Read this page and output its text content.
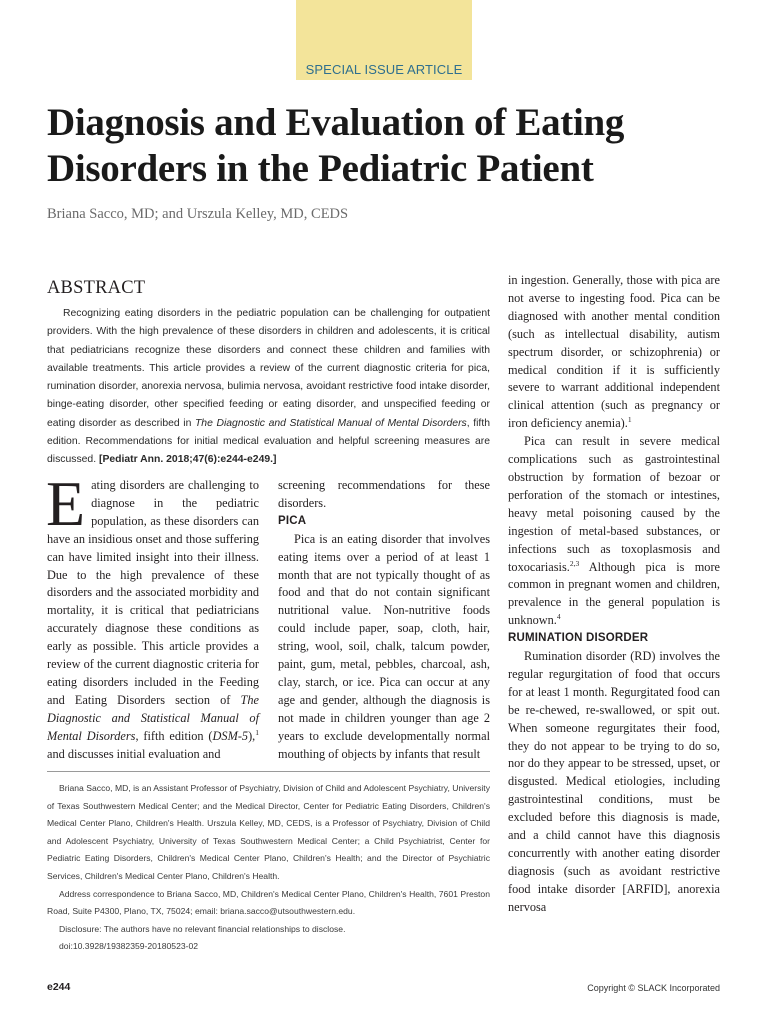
SPECIAL ISSUE ARTICLE
Diagnosis and Evaluation of Eating Disorders in the Pediatric Patient
Briana Sacco, MD; and Urszula Kelley, MD, CEDS
ABSTRACT

Recognizing eating disorders in the pediatric population can be challenging for outpatient providers. With the high prevalence of these disorders in children and adolescents, it is critical that pediatricians recognize these disorders and connect these children and families with available treatments. This article provides a review of the current diagnostic criteria for pica, rumination disorder, anorexia nervosa, bulimia nervosa, avoidant restrictive food intake disorder, binge-eating disorder, other specified feeding or eating disorder, and unspecified feeding or eating disorder as described in The Diagnostic and Statistical Manual of Mental Disorders, fifth edition. Recommendations for initial medical evaluation and helpful screening measures are discussed. [Pediatr Ann. 2018;47(6):e244-e249.]

Eating disorders are challenging to diagnose in the pediatric population, as these disorders can have an insidious onset and those suffering can have limited insight into their illness. Due to the high prevalence of these disorders and the associated morbidity and mortality, it is critical that pediatricians accurately diagnose these conditions as early as possible. This article provides a review of the current diagnostic criteria for eating disorders included in the Feeding and Eating Disorders section of The Diagnostic and Statistical Manual of Mental Disorders, fifth edition (DSM-5),$^1$ and discusses initial evaluation and

screening recommendations for these disorders.

PICA

Pica is an eating disorder that involves eating items over a period of at least 1 month that are not typically thought of as food and that do not contain significant nutritional value. Non-nutritive foods could include paper, soap, cloth, hair, string, wool, soil, chalk, talcum powder, paint, gum, metal, pebbles, charcoal, ash, clay, starch, or ice. Pica can occur at any age and gender, although the diagnosis is not made in children younger than age 2 years to exclude developmentally normal mouthing of objects by infants that result

in ingestion. Generally, those with pica are not averse to ingesting food. Pica can be diagnosed with another mental condition (such as intellectual disability, autism spectrum disorder, or schizophrenia) or medical condition if it is sufficiently severe to warrant additional independent clinical attention (such as pregnancy or iron deficiency anemia).$^1$

Pica can result in severe medical complications such as gastrointestinal obstruction by formation of bezoar or perforation of the stomach or intestines, heavy metal poisoning caused by the ingestion of metal-based substances, or infections such as toxoplasmosis and toxocariasis.$^{2,3}$ Although pica is more common in pregnant women and children, prevalence in the general population is unknown.$^4$

RUMINATION DISORDER

Rumination disorder (RD) involves the regular regurgitation of food that occurs for at least 1 month. Regurgitated food can be re-chewed, re-swallowed, or spit out. When someone regurgitates their food, they do not appear to be trying to do so, nor do they appear to be stressed, upset, or disgusted. Medical etiologies, including gastrointestinal conditions, must be excluded before this diagnosis is made, and a child cannot have this diagnosis concurrently with another eating disorder diagnosis (such as avoidant restrictive food intake disorder [ARFID], anorexia nervosa

Briana Sacco, MD, is an Assistant Professor of Psychiatry, Division of Child and Adolescent Psychiatry, University of Texas Southwestern Medical Center; and the Medical Director, Center for Pediatric Eating Disorders, Children's Medical Center Plano, Children's Health. Urszula Kelley, MD, CEDS, is a Professor of Psychiatry, Division of Child and Adolescent Psychiatry, University of Texas Southwestern Medical Center; a Child Psychiatrist, Center for Pediatric Eating Disorders, Children's Medical Center Plano, Children's Health; and the Director of Psychiatric Services, Children's Medical Center Plano, Children's Health.

Address correspondence to Briana Sacco, MD, Children's Medical Center Plano, Children's Health, 7601 Preston Road, Suite P4300, Plano, TX, 75024; email: briana.sacco@utsouthwestern.edu.

Disclosure: The authors have no relevant financial relationships to disclose.

doi:10.3928/19382359-20180523-02

e244	Copyright © SLACK Incorporated
